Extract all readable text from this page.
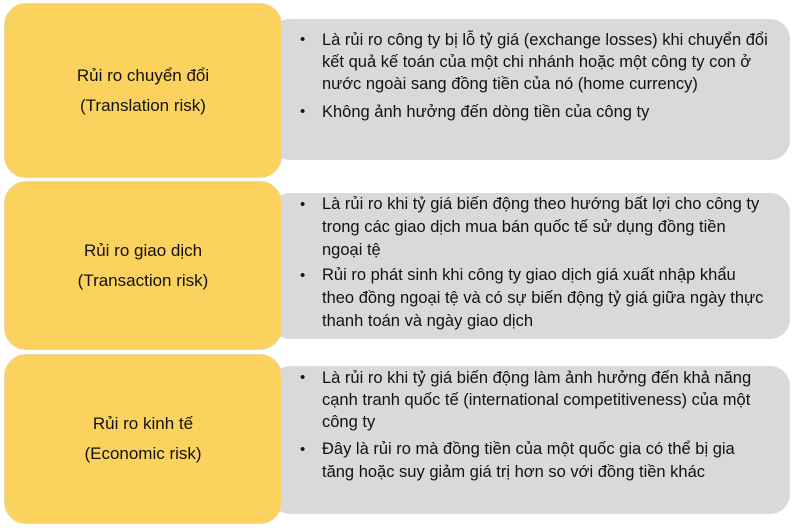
• Là rủi ro công ty bị lỗ tỷ giá (exchange losses) khi chuyển đổi kết quả kế toán của một chi nhánh hoặc một công ty con ở nước ngoài sang đồng tiền của nó (home currency)
• Không ảnh hưởng đến dòng tiền của công ty
Rủi ro chuyển đổi
(Translation risk)
• Là rủi ro khi tỷ giá biến động theo hướng bất lợi cho công ty trong các giao dịch mua bán quốc tế sử dụng đồng tiền ngoại tệ
• Rủi ro phát sinh khi công ty giao dịch giá xuất nhập khẩu theo đồng ngoại tệ và có sự biến động tỷ giá giữa ngày thực thanh toán và ngày giao dịch
Rủi ro giao dịch
(Transaction risk)
• Là rủi ro khi tỷ giá biến động làm ảnh hưởng đến khả năng cạnh tranh quốc tế (international competitiveness) của một công ty
• Đây là rủi ro mà đồng tiền của một quốc gia có thể bị gia tăng hoặc suy giảm giá trị hơn so với đồng tiền khác
Rủi ro kinh tế
(Economic risk)
